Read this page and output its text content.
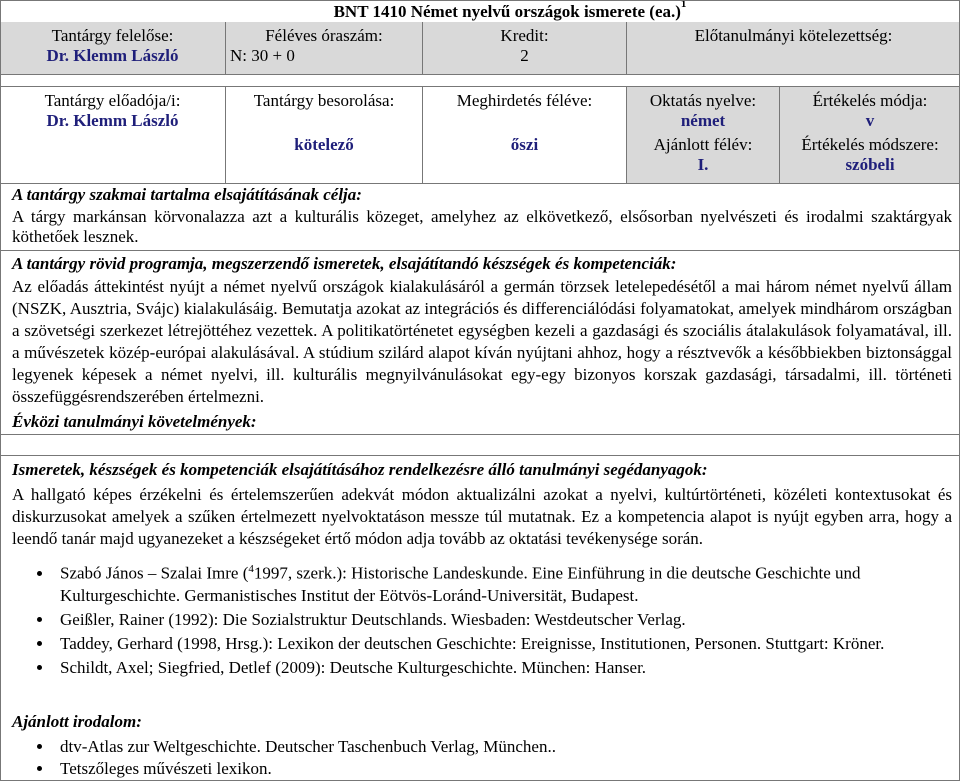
BNT 1410 Német nyelvű országok ismerete $(ea.)^1$
Tantárgy felelőse:
Dr. Klemm László
Féléves óraszám:
N: 30 + 0
Kredit:
2
Előtanulmányi kötelezettség:
Tantárgy előadója/i:
Dr. Klemm László
Tantárgy besorolása:
kötelező
Meghirdetés féléve:
őszi
Oktatás nyelve:
német
Ajánlott félév:
I.
Értékelés módja:
v
Értékelés módszere:
szóbeli
A tantárgy szakmai tartalma elsajátításának célja:
A tárgy markánsan körvonalazza azt a kulturális közeget, amelyhez az elkövetkező, elsősorban nyelvészeti és irodalmi szaktárgyak köthetőek lesznek.
A tantárgy rövid programja, megszerzendő ismeretek, elsajátítandó készségek és kompetenciák:
Az előadás áttekintést nyújt a német nyelvű országok kialakulásáról a germán törzsek letelepedésétől a mai három német nyelvű állam (NSZK, Ausztria, Svájc) kialakulásáig. Bemutatja azokat az integrációs és differenciálódási folyamatokat, amelyek mindhárom országban a szövetségi szerkezet létrejöttéhez vezettek. A politikatörténetet egységben kezeli a gazdasági és szociális átalakulások folyamatával, ill. a művészetek közép-európai alakulásával. A stúdium szilárd alapot kíván nyújtani ahhoz, hogy a résztvevők a későbbiekben biztonsággal legyenek képesek a német nyelvi, ill. kulturális megnyilvánulásokat egy-egy bizonyos korszak gazdasági, társadalmi, ill. történeti összefüggésrendszerében értelmezni.
Évközi tanulmányi követelmények:
Ismeretek, készségek és kompetenciák elsajátításához rendelkezésre álló tanulmányi segédanyagok:
A hallgató képes érzékelni és értelemszerűen adekvát módon aktualizálni azokat a nyelvi, kultúrtörténeti, közéleti kontextusokat és diskurzusokat amelyek a szűken értelmezett nyelvoktatáson messze túl mutatnak. Ez a kompetencia alapot is nyújt egyben arra, hogy a leendő tanár majd ugyanezeket a készségeket értő módon adja tovább az oktatási tevékenysége során.
• Szabó János – Szalai Imre ($^4$1997, szerk.): Historische Landeskunde. Eine Einführung in die deutsche Geschichte und Kulturgeschichte. Germanistisches Institut der Eötvös-Loránd-Universität, Budapest.
• Geißler, Rainer (1992): Die Sozialstruktur Deutschlands. Wiesbaden: Westdeutscher Verlag.
• Taddey, Gerhard (1998, Hrsg.): Lexikon der deutschen Geschichte: Ereignisse, Institutionen, Personen. Stuttgart: Kröner.
• Schildt, Axel; Siegfried, Detlef (2009): Deutsche Kulturgeschichte. München: Hanser.
Ajánlott irodalom:
• dtv-Atlas zur Weltgeschichte. Deutscher Taschenbuch Verlag, München..
• Tetszőleges művészeti lexikon.
